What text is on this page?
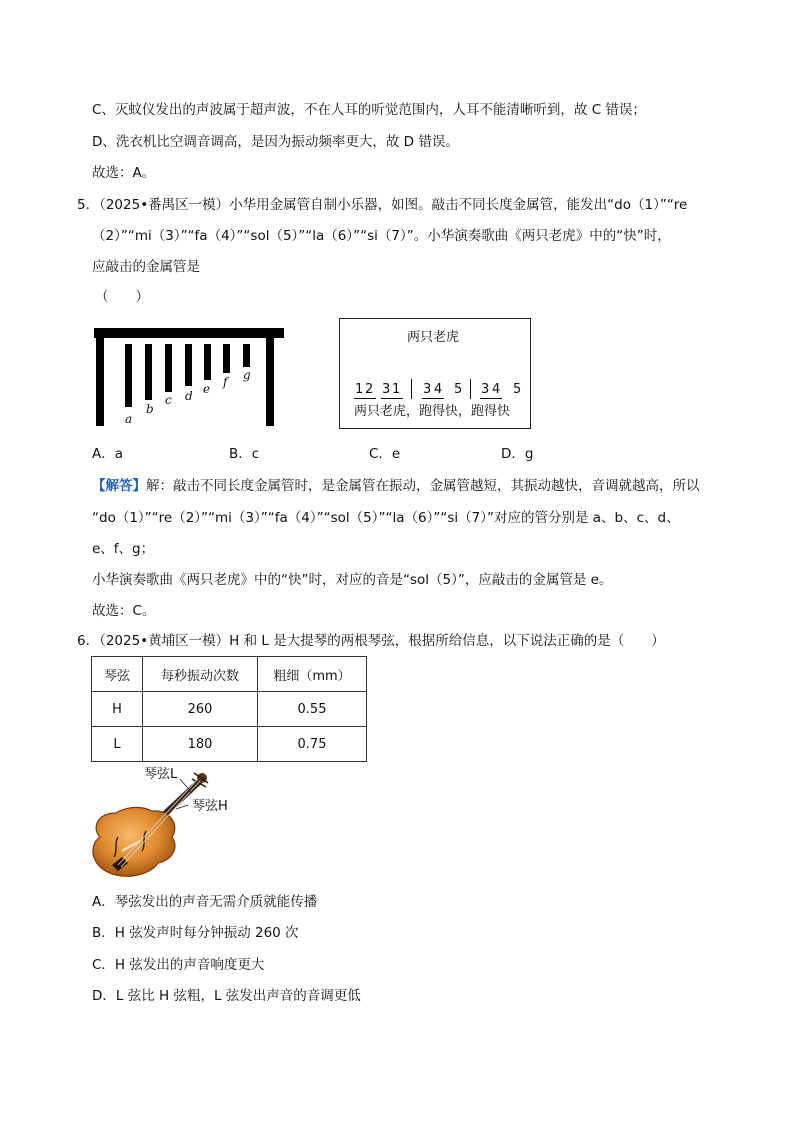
C、灭蚊仪发出的声波属于超声波，不在人耳的听觉范围内，人耳不能清晰听到，故 C 错误；
D、洗衣机比空调音调高，是因为振动频率更大，故 D 错误。
故选：A。
5．（2025•番禺区一模）小华用金属管自制小乐器，如图。敲击不同长度金属管，能发出“do（1）”“re
（2）”“mi（3）”“fa（4）”“sol（5）”“la（6）”“si（7）”。小华演奏歌曲《两只老虎》中的“快”时，
应敲击的金属管是
（　　）
a
b
c d e f g
两只老虎
1 2 3 1 3 4 5 3 4 5
两只老虎，跑得快，跑得快
A．a	B．c	C．e	D．g
【解答】解：敲击不同长度金属管时，是金属管在振动，金属管越短，其振动越快，音调就越高，所以
“do（1）”“re（2）”“mi（3）”“fa（4）”“sol（5）”“la（6）”“si（7）”对应的管分别是 a、b、c、d、
e、f、g；
小华演奏歌曲《两只老虎》中的“快”时，对应的音是“sol（5）”，应敲击的金属管是 e。
故选：C。
6．（2025•黄埔区一模）H 和 L 是大提琴的两根琴弦，根据所给信息，以下说法正确的是（　　）
琴弦	每秒振动次数	粗细（mm）
H	260	0.55
L	180	0.75
琴弦L
琴弦H
A．琴弦发出的声音无需介质就能传播
B．H 弦发声时每分钟振动 260 次
C．H 弦发出的声音响度更大
D．L 弦比 H 弦粗，L 弦发出声音的音调更低
